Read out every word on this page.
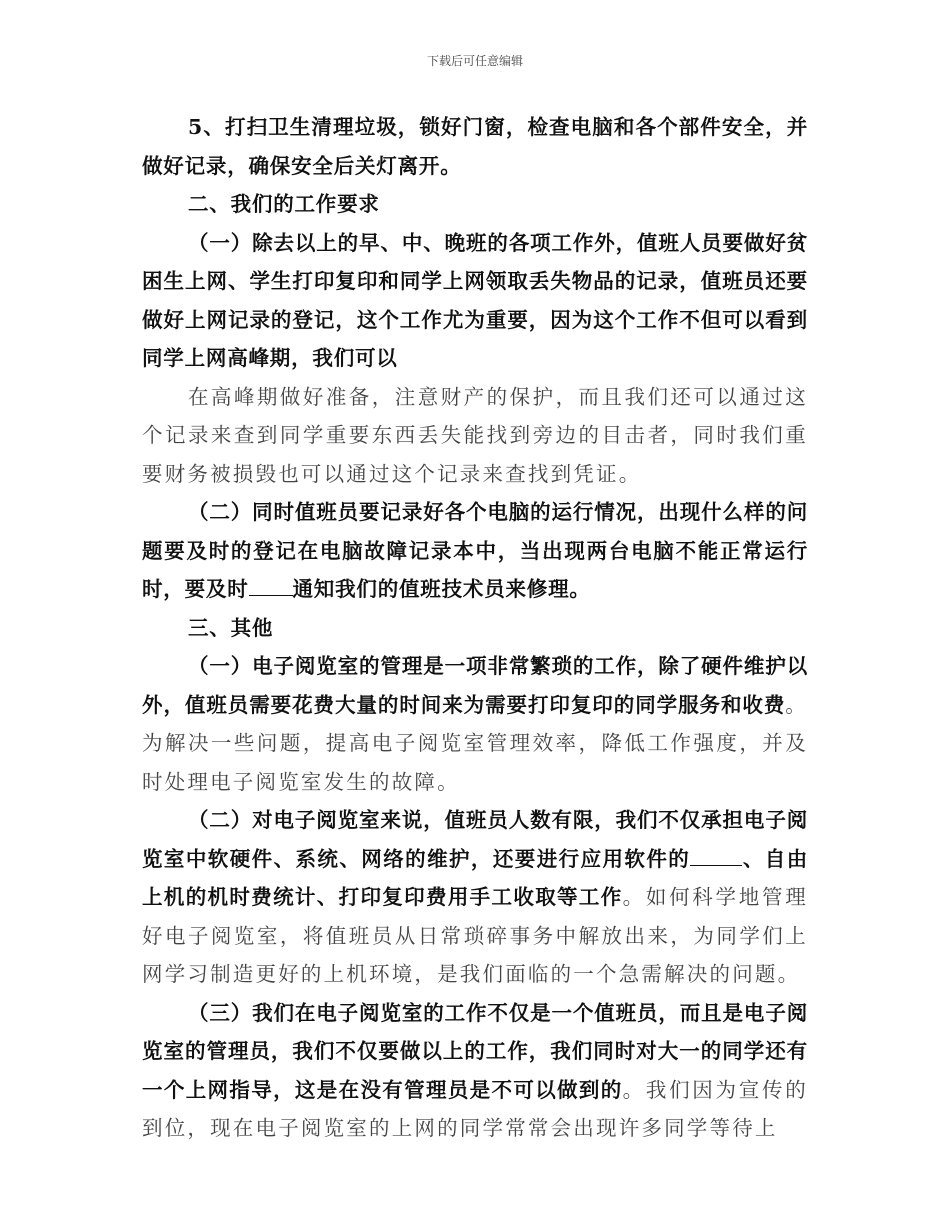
下载后可任意编辑

5、打扫卫生清理垃圾，锁好门窗，检查电脑和各个部件安全，并做好记录，确保安全后关灯离开。

二、我们的工作要求

（一）除去以上的早、中、晚班的各项工作外，值班人员要做好贫困生上网、学生打印复印和同学上网领取丢失物品的记录，值班员还要做好上网记录的登记，这个工作尤为重要，因为这个工作不但可以看到同学上网高峰期，我们可以

在高峰期做好准备，注意财产的保护，而且我们还可以通过这个记录来查到同学重要东西丢失能找到旁边的目击者，同时我们重要财务被损毁也可以通过这个记录来查找到凭证。

（二）同时值班员要记录好各个电脑的运行情况，出现什么样的问题要及时的登记在电脑故障记录本中，当出现两台电脑不能正常运行时，要及时 通知我们的值班技术员来修理。

三、其他

（一）电子阅览室的管理是一项非常繁琐的工作，除了硬件维护以外，值班员需要花费大量的时间来为需要打印复印的同学服务和收费。为解决一些问题，提高电子阅览室管理效率，降低工作强度，并及时处理电子阅览室发生的故障。

（二）对电子阅览室来说，值班员人数有限，我们不仅承担电子阅览室中软硬件、系统、网络的维护，还要进行应用软件的	、自由上机的机时费统计、打印复印费用手工收取等工作。如何科学地管理好电子阅览室，将值班员从日常琐碎事务中解放出来，为同学们上网学习制造更好的上机环境，是我们面临的一个急需解决的问题。

（三）我们在电子阅览室的工作不仅是一个值班员，而且是电子阅览室的管理员，我们不仅要做以上的工作，我们同时对大一的同学还有一个上网指导，这是在没有管理员是不可以做到的。我们因为宣传的到位，现在电子阅览室的上网的同学常常会出现许多同学等待上
